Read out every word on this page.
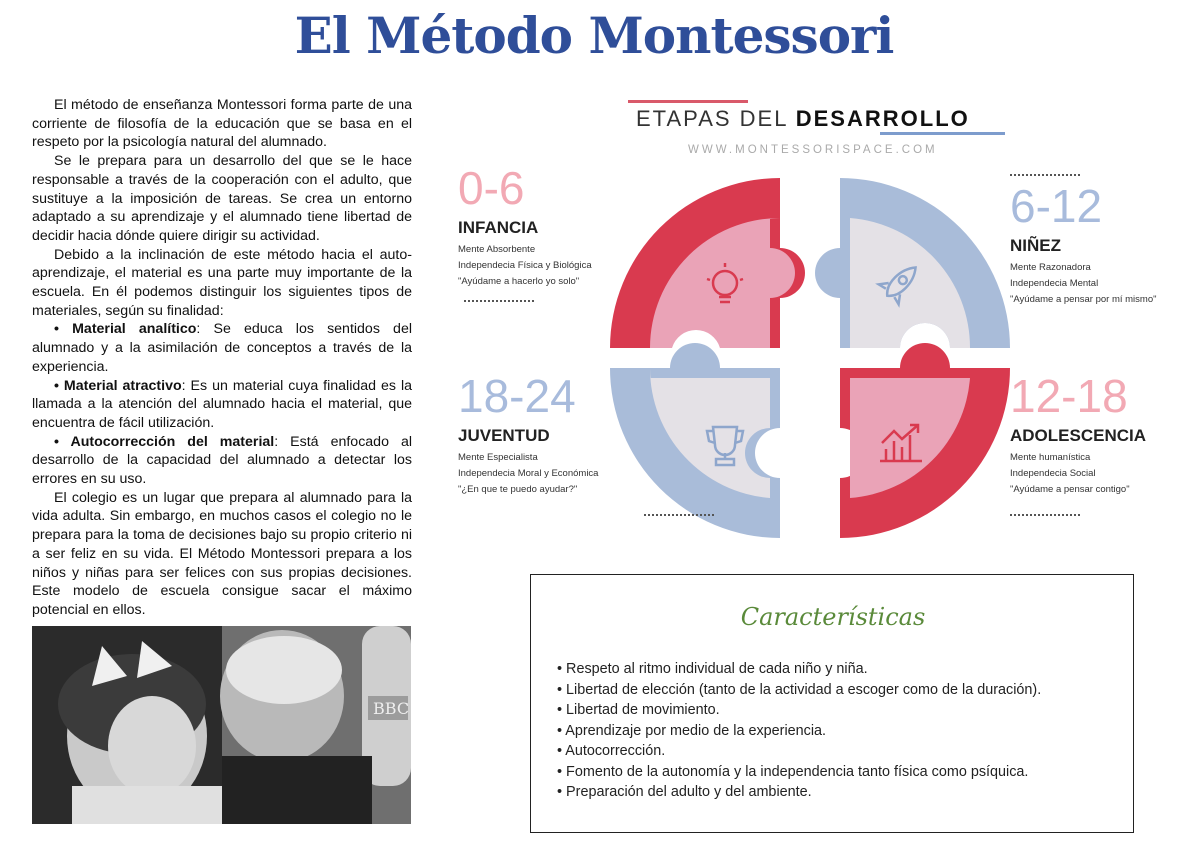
El Método Montessori

El método de enseñanza Montessori forma parte de una corriente de filosofía de la educación que se basa en el respeto por la psicología natural del alumnado.

Se le prepara para un desarrollo del que se le hace responsable a través de la cooperación con el adulto, que sustituye a la imposición de tareas. Se crea un entorno adaptado a su aprendizaje y el alumnado tiene libertad de decidir hacia dónde quiere dirigir su actividad.

Debido a la inclinación de este método hacia el auto-aprendizaje, el material es una parte muy importante de la escuela. En él podemos distinguir los siguientes tipos de materiales, según su finalidad:

• Material analítico: Se educa los sentidos del alumnado y a la asimilación de conceptos a través de la experiencia.

• Material atractivo: Es un material cuya finalidad es la llamada a la atención del alumnado hacia el material, que encuentra de fácil utilización.

• Autocorrección del material: Está enfocado al desarrollo de la capacidad del alumnado a detectar los errores en su uso.

El colegio es un lugar que prepara al alumnado para la vida adulta. Sin embargo, en muchos casos el colegio no le prepara para la toma de decisiones bajo su propio criterio ni a ser feliz en su vida. El Método Montessori prepara a los niños y niñas para ser felices con sus propias decisiones. Este modelo de escuela consigue sacar el máximo potencial en ellos.

BBC
ETAPAS DEL DESARROLLO
WWW.MONTESSORISPACE.COM
0-6
INFANCIA
Mente Absorbente
Independecia Física y Biológica
"Ayúdame a hacerlo yo solo"
6-12
NIÑEZ
Mente Razonadora
Independecia Mental
"Ayúdame a pensar por mí mismo"
18-24
JUVENTUD
Mente Especialista
Independecia Moral y Económica
"¿En que te puedo ayudar?"
12-18
ADOLESCENCIA
Mente humanística
Independecia Social
"Ayúdame a pensar contigo"
Características
• Respeto al ritmo individual de cada niño y niña.
• Libertad de elección (tanto de la actividad a escoger como de la duración).
• Libertad de movimiento.
• Aprendizaje por medio de la experiencia.
• Autocorrección.
• Fomento de la autonomía y la independencia tanto física como psíquica.
• Preparación del adulto y del ambiente.
